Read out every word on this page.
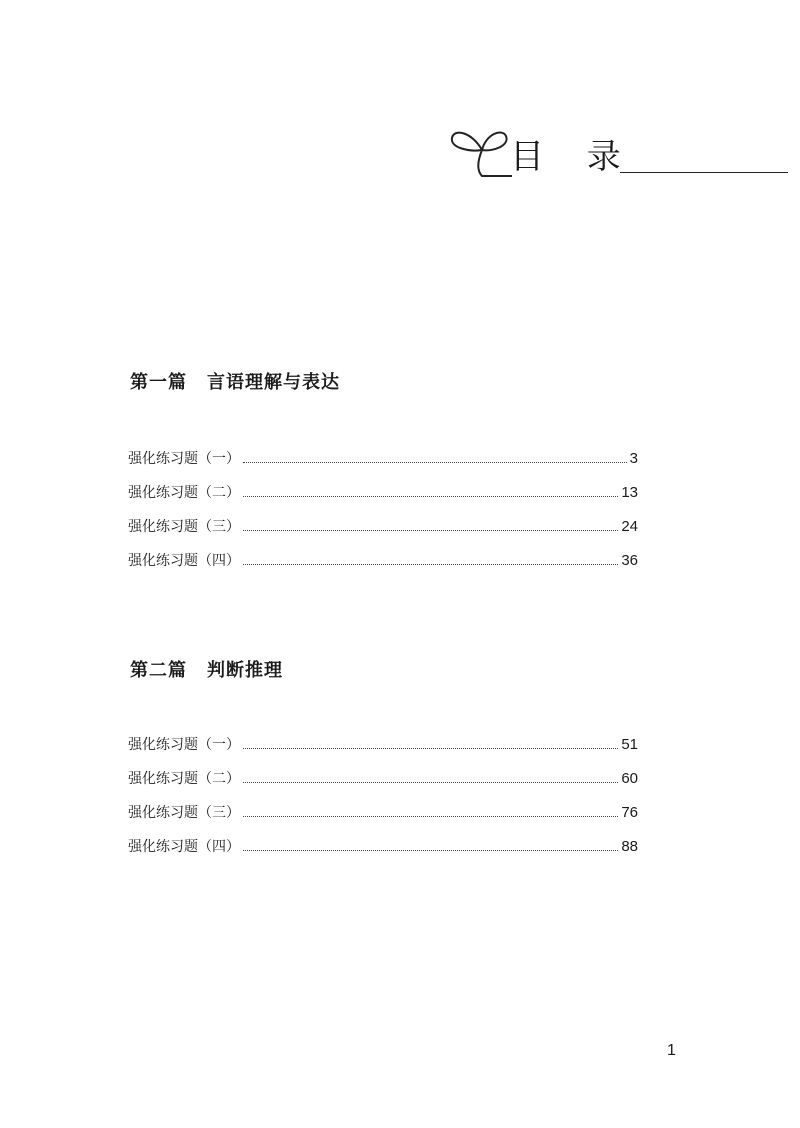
目 录
第一篇 言语理解与表达
强化练习题（一）	3
强化练习题（二）	13
强化练习题（三）	24
强化练习题（四）	36
第二篇 判断推理
强化练习题（一）	51
强化练习题（二）	60
强化练习题（三）	76
强化练习题（四）	88
1
